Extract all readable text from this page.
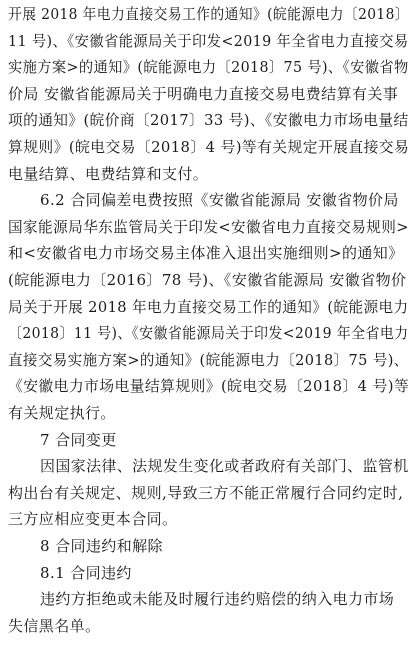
开展 2018 年电力直接交易工作的通知》(皖能源电力〔2018〕
11 号)、《安徽省能源局关于印发<2019 年全省电力直接交易
实施方案>的通知》(皖能源电力〔2018〕75 号)、《安徽省物
价局 安徽省能源局关于明确电力直接交易电费结算有关事
项的通知》(皖价商〔2017〕33 号)、《安徽电力市场电量结
算规则》(皖电交易〔2018〕4 号)等有关规定开展直接交易
电量结算、电费结算和支付。
6.2 合同偏差电费按照《安徽省能源局 安徽省物价局
国家能源局华东监管局关于印发<安徽省电力直接交易规则>
和<安徽省电力市场交易主体准入退出实施细则>的通知》
(皖能源电力〔2016〕78 号)、《安徽省能源局 安徽省物价
局关于开展 2018 年电力直接交易工作的通知》(皖能源电力
〔2018〕11 号)、《安徽省能源局关于印发<2019 年全省电力
直接交易实施方案>的通知》(皖能源电力〔2018〕75 号)、
《安徽电力市场电量结算规则》(皖电交易〔2018〕4 号)等
有关规定执行。
7 合同变更
因国家法律、法规发生变化或者政府有关部门、监管机
构出台有关规定、规则,导致三方不能正常履行合同约定时,
三方应相应变更本合同。
8 合同违约和解除
8.1 合同违约
违约方拒绝或未能及时履行违约赔偿的纳入电力市场
失信黑名单。
